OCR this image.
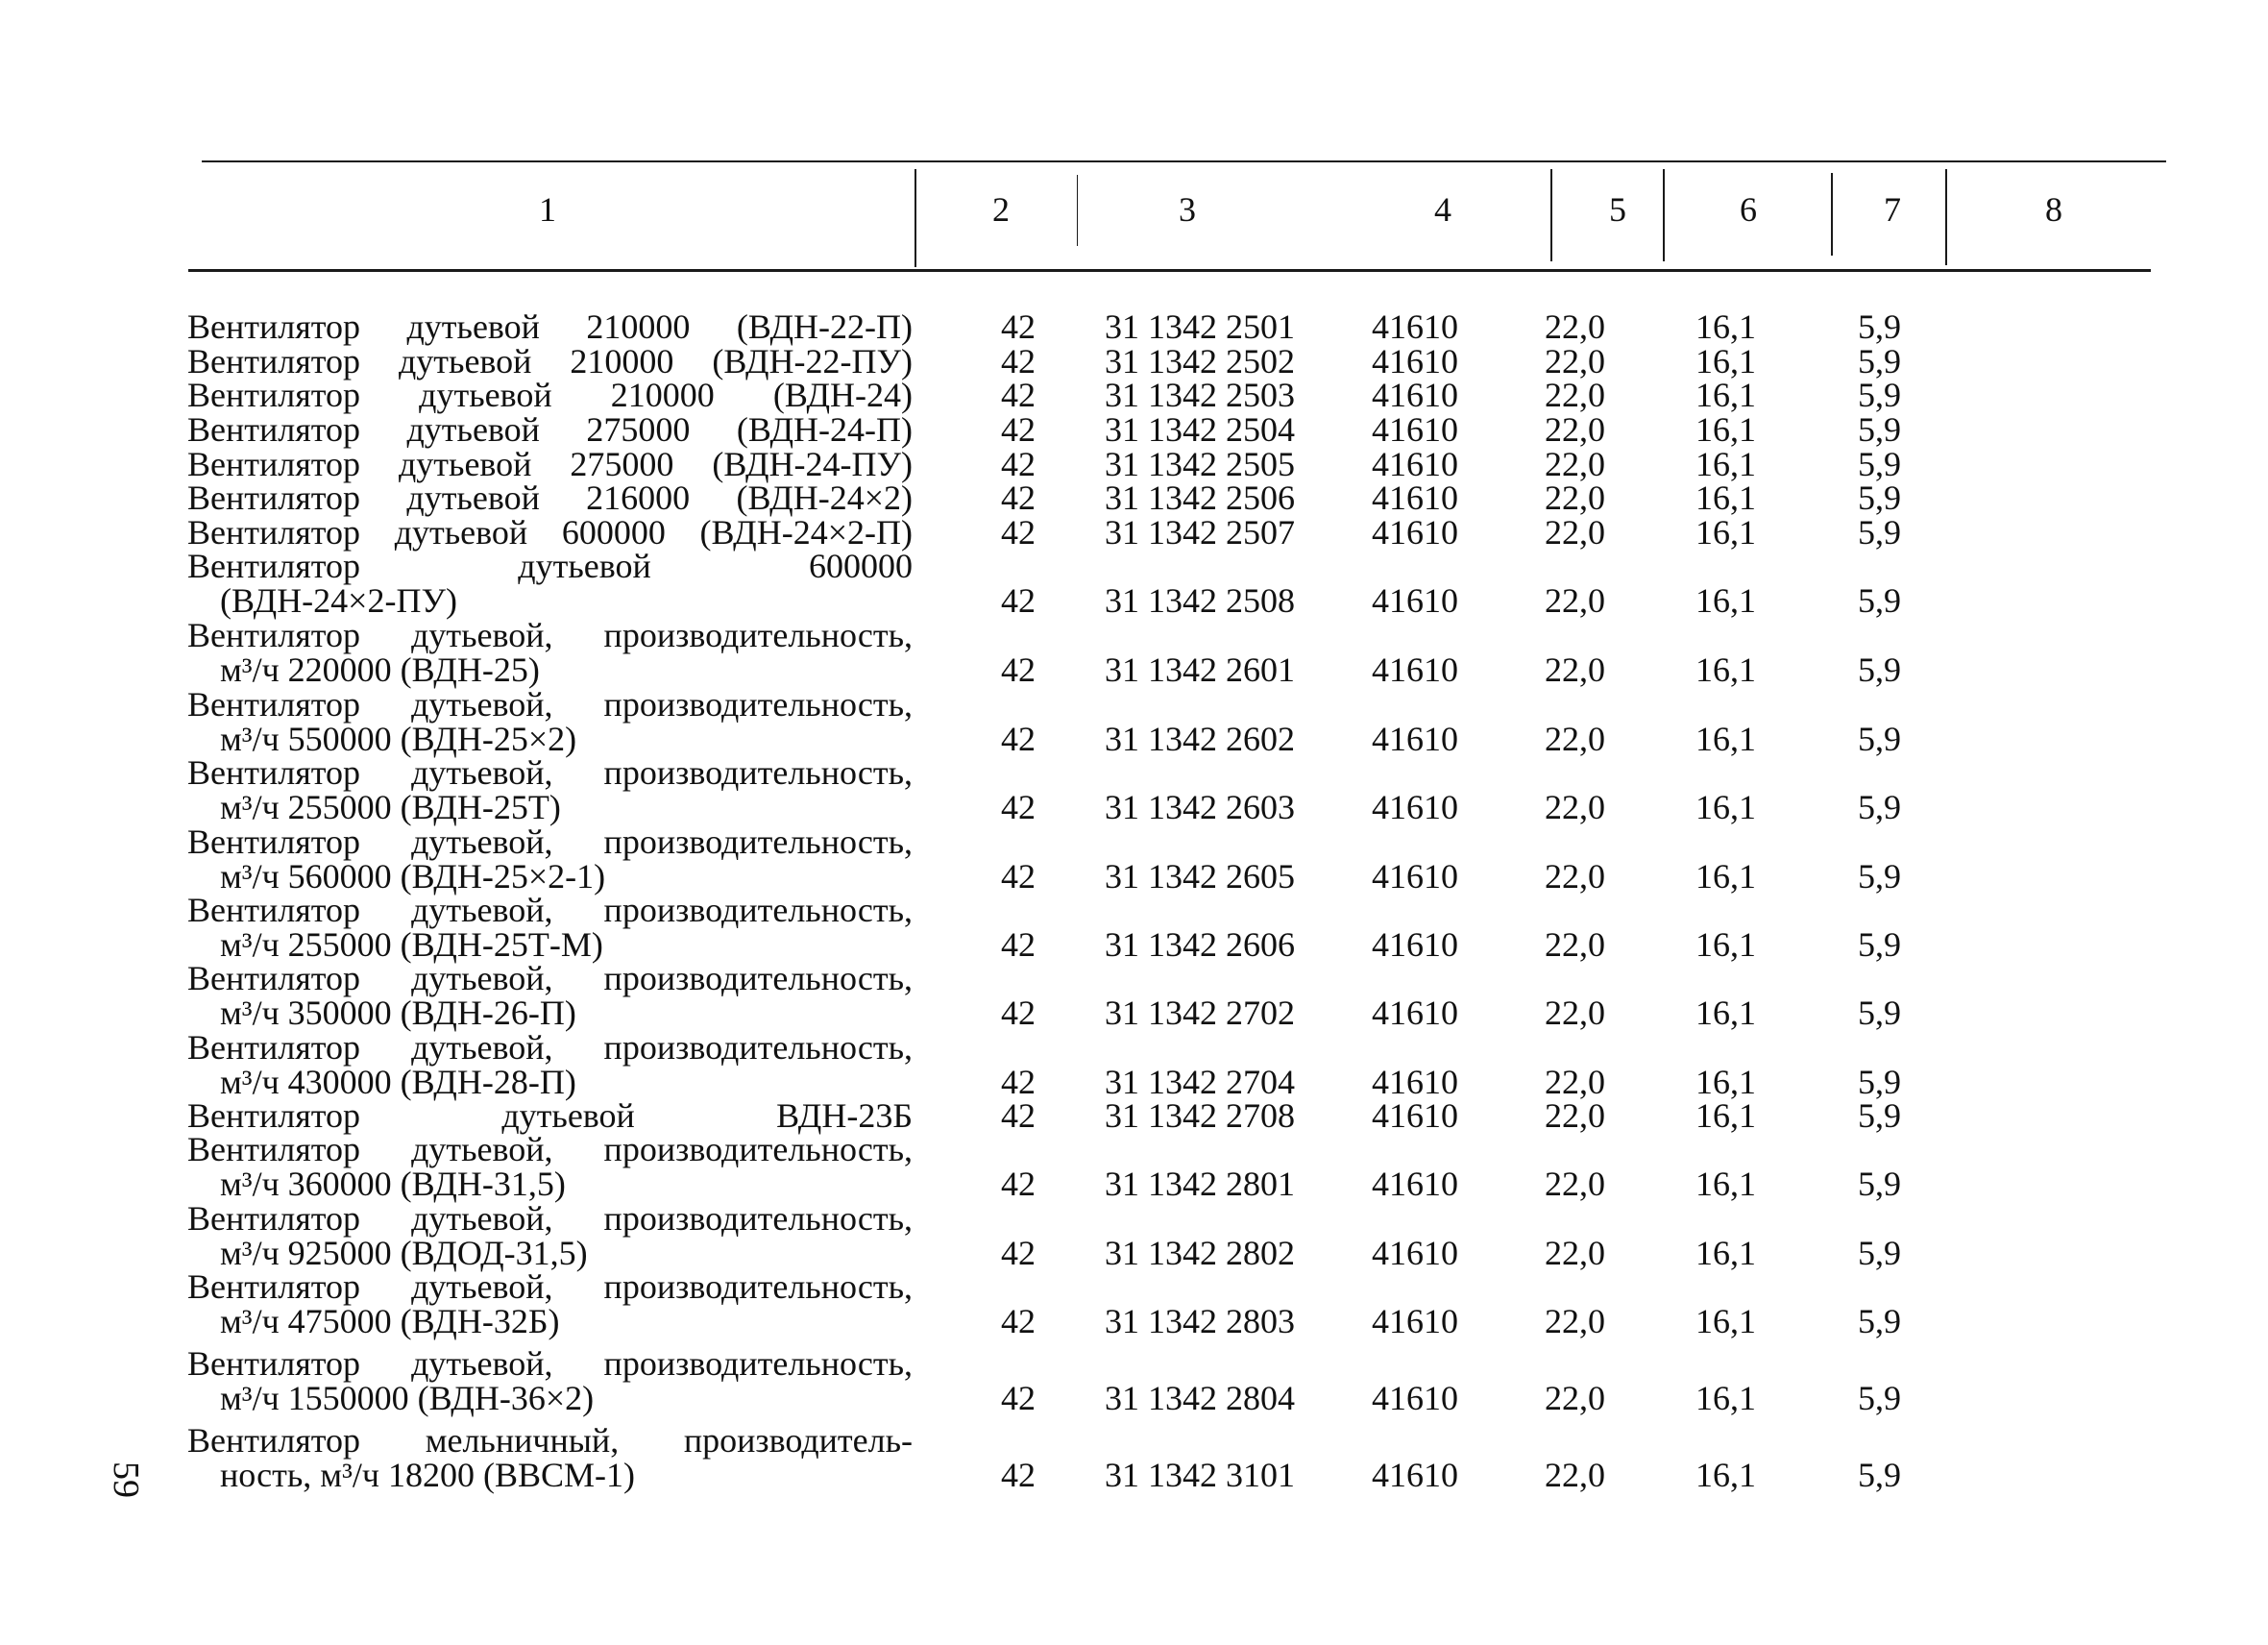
1	2	3	4	5	6	7	8
Вентилятор дутьевой 210000 (ВДН-22-П)	42	31 1342 2501	41610	22,0	16,1	5,9
Вентилятор дутьевой 210000 (ВДН-22-ПУ)	42	31 1342 2502	41610	22,0	16,1	5,9
Вентилятор дутьевой 210000 (ВДН-24)	42	31 1342 2503	41610	22,0	16,1	5,9
Вентилятор дутьевой 275000 (ВДН-24-П)	42	31 1342 2504	41610	22,0	16,1	5,9
Вентилятор дутьевой 275000 (ВДН-24-ПУ)	42	31 1342 2505	41610	22,0	16,1	5,9
Вентилятор дутьевой 216000 (ВДН-24×2)	42	31 1342 2506	41610	22,0	16,1	5,9
Вентилятор дутьевой 600000 (ВДН-24×2-П)	42	31 1342 2507	41610	22,0	16,1	5,9
Вентилятор дутьевой 600000
(ВДН-24×2-ПУ)	42	31 1342 2508	41610	22,0	16,1	5,9
Вентилятор дутьевой, производительность,
м³/ч 220000 (ВДН-25)	42	31 1342 2601	41610	22,0	16,1	5,9
Вентилятор дутьевой, производительность,
м³/ч 550000 (ВДН-25×2)	42	31 1342 2602	41610	22,0	16,1	5,9
Вентилятор дутьевой, производительность,
м³/ч 255000 (ВДН-25Т)	42	31 1342 2603	41610	22,0	16,1	5,9
Вентилятор дутьевой, производительность,
м³/ч 560000 (ВДН-25×2-1)	42	31 1342 2605	41610	22,0	16,1	5,9
Вентилятор дутьевой, производительность,
м³/ч 255000 (ВДН-25Т-М)	42	31 1342 2606	41610	22,0	16,1	5,9
Вентилятор дутьевой, производительность,
м³/ч 350000 (ВДН-26-П)	42	31 1342 2702	41610	22,0	16,1	5,9
Вентилятор дутьевой, производительность,
м³/ч 430000 (ВДН-28-П)	42	31 1342 2704	41610	22,0	16,1	5,9
Вентилятор дутьевой ВДН-23Б	42	31 1342 2708	41610	22,0	16,1	5,9
Вентилятор дутьевой, производительность,
м³/ч 360000 (ВДН-31,5)	42	31 1342 2801	41610	22,0	16,1	5,9
Вентилятор дутьевой, производительность,
м³/ч 925000 (ВДОД-31,5)	42	31 1342 2802	41610	22,0	16,1	5,9
Вентилятор дутьевой, производительность,
м³/ч 475000 (ВДН-32Б)	42	31 1342 2803	41610	22,0	16,1	5,9
Вентилятор дутьевой, производительность,
м³/ч 1550000 (ВДН-36×2)	42	31 1342 2804	41610	22,0	16,1	5,9
Вентилятор мельничный, производитель-
ность, м³/ч 18200 (ВВСМ-1)	42	31 1342 3101	41610	22,0	16,1	5,9
59
